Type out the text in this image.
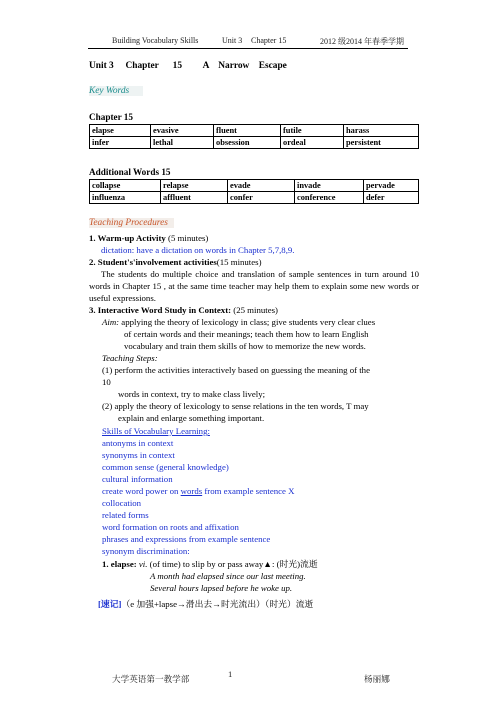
Building Vocabulary Skills	Unit 3 Chapter 15	2012 级2014 年春季学期
Unit 3     Chapter      15         A    Narrow    Escape
Key Words
Chapter 15
elapse	evasive	fluent	futile	harass
infer	lethal	obsession	ordeal	persistent
Additional Words 15
collapse	relapse	evade	invade	pervade
influenza	affluent	confer	conference	defer
Teaching Procedures
1. Warm-up Activity (5 minutes)
dictation: have a dictation on words in Chapter 5,7,8,9.
2. Student's'involvement activities(15 minutes)
The students do multiple choice and translation of sample sentences in turn around 10 words in Chapter 15 , at the same time teacher may help them to explain some new words or useful expressions.
3. Interactive Word Study in Context: (25 minutes)
Aim: applying the theory of lexicology in class; give students very clear clues
of certain words and their meanings; teach them how to learn English
vocabulary and train them skills of how to memorize the new words.
Teaching Steps:
(1) perform the activities interactively based on guessing the meaning of the
10
words in context, try to make class lively;
(2) apply the theory of lexicology to sense relations in the ten words, T may
explain and enlarge something important.
Skills of Vocabulary Learning:
antonyms in context
synonyms in context
common sense (general knowledge)
cultural information
create word power on words from example sentence X
collocation
related forms
word formation on roots and affixation
phrases and expressions from example sentence
synonym discrimination:
1. elapse: vi. (of time) to slip by or pass away▲: (时光)流逝
A month had elapsed since our last meeting.
Several hours lapsed before he woke up.
[速记]（e 加强+lapse→滑出去→时光流出）（时光）流逝
大学英语第一教学部	1	杨丽娜
